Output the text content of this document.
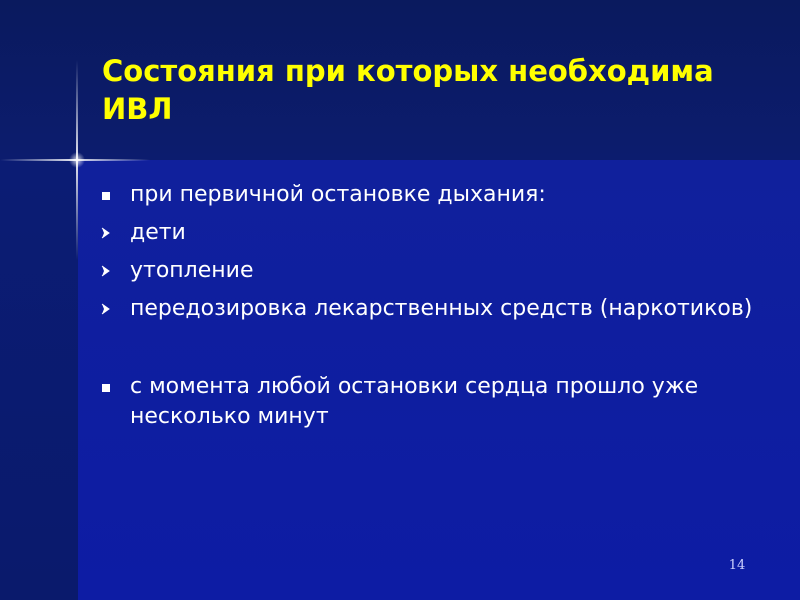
Состояния при которых необходима ИВЛ
при первичной остановке дыхания:
дети
утопление
передозировка лекарственных средств (наркотиков)
с момента любой остановки сердца прошло уже несколько минут
14
